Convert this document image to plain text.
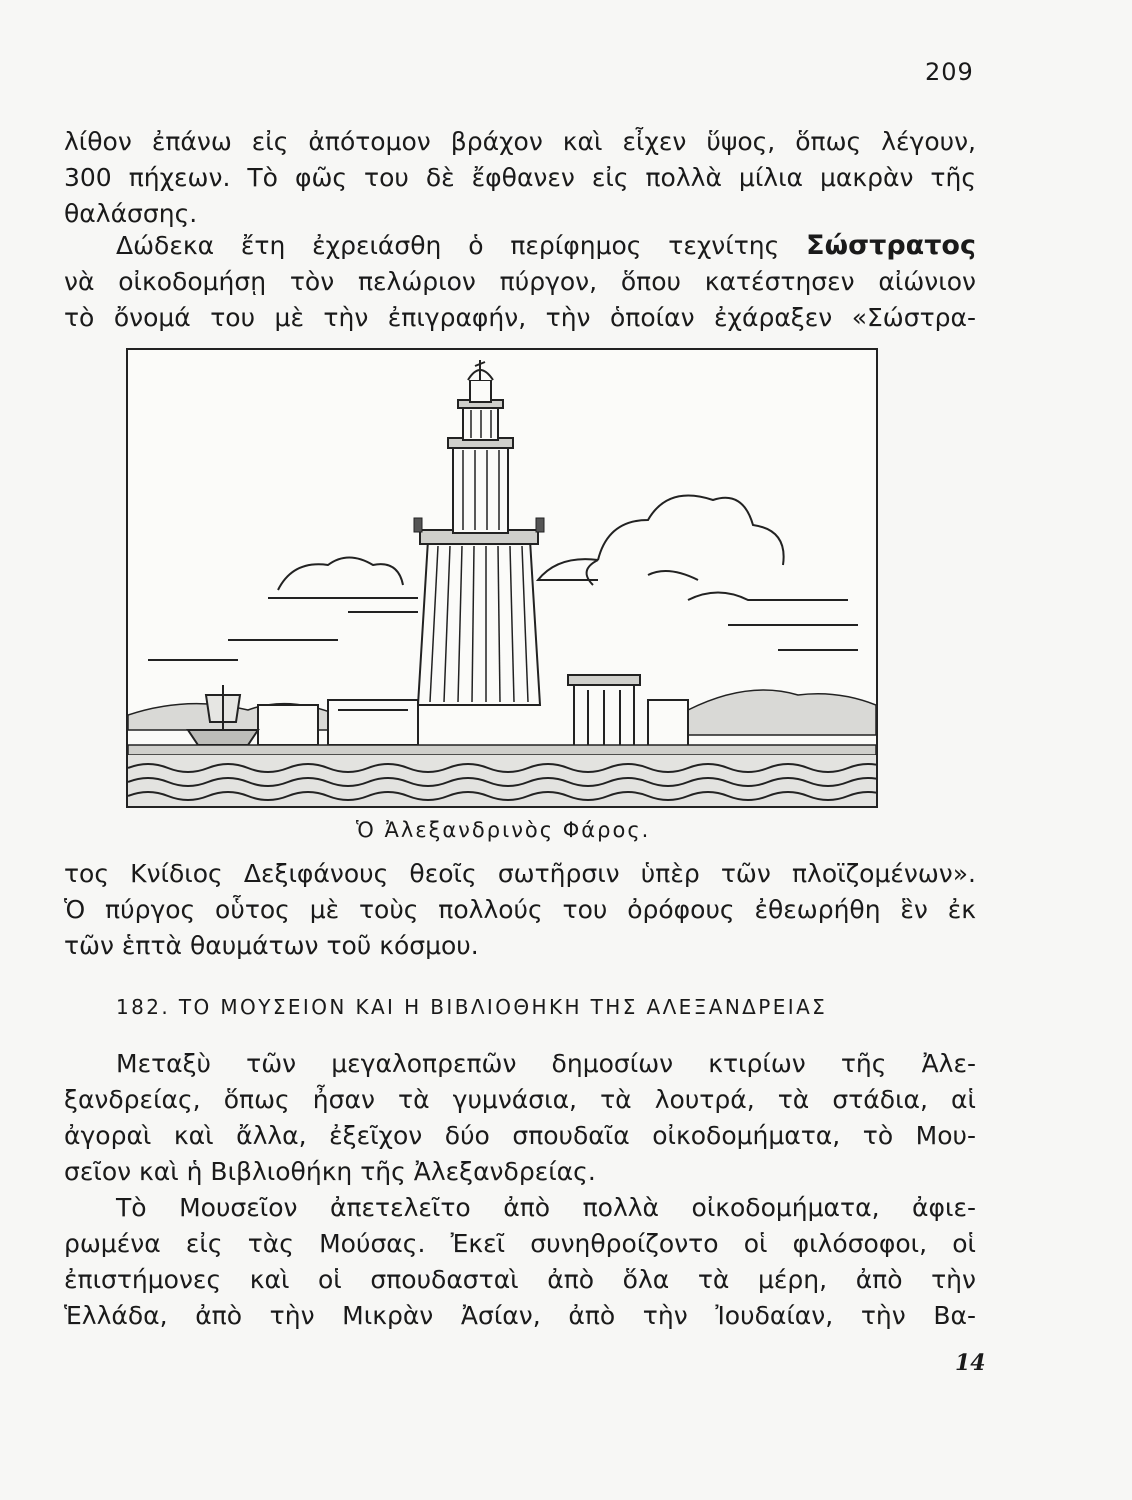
209
λίθον ἐπάνω εἰς ἀπότομον βράχον καὶ εἶχεν ὕψος, ὅπως λέγουν,
300 πήχεων. Τὸ φῶς του δὲ ἔφθανεν εἰς πολλὰ μίλια μακρὰν τῆς
θαλάσσης.
Δώδεκα ἔτη ἐχρειάσθη ὁ περίφημος τεχνίτης Σώστρατος
νὰ οἰκοδομήσῃ τὸν πελώριον πύργον, ὅπου κατέστησεν αἰώνιον
τὸ ὄνομά του μὲ τὴν ἐπιγραφήν, τὴν ὁποίαν ἐχάραξεν «Σώστρα-
Ὁ Ἀλεξανδρινὸς Φάρος.
τος Κνίδιος Δεξιφάνους θεοῖς σωτῆρσιν ὑπὲρ τῶν πλοϊζομένων».
Ὁ πύργος οὗτος μὲ τοὺς πολλούς του ὀρόφους ἐθεωρήθη ἓν ἐκ
τῶν ἑπτὰ θαυμάτων τοῦ κόσμου.
182. ΤΟ ΜΟΥΣΕΙΟΝ ΚΑΙ Η ΒΙΒΛΙΟΘΗΚΗ ΤΗΣ ΑΛΕΞΑΝΔΡΕΙΑΣ
Μεταξὺ τῶν μεγαλοπρεπῶν δημοσίων κτιρίων τῆς Ἀλε-
ξανδρείας, ὅπως ἦσαν τὰ γυμνάσια, τὰ λουτρά, τὰ στάδια, αἱ
ἀγοραὶ καὶ ἄλλα, ἐξεῖχον δύο σπουδαῖα οἰκοδομήματα, τὸ Μου-
σεῖον καὶ ἡ Βιβλιοθήκη τῆς Ἀλεξανδρείας.
Τὸ Μουσεῖον ἀπετελεῖτο ἀπὸ πολλὰ οἰκοδομήματα, ἀφιε-
ρωμένα εἰς τὰς Μούσας. Ἐκεῖ συνηθροίζοντο οἱ φιλόσοφοι, οἱ
ἐπιστήμονες καὶ οἱ σπουδασταὶ ἀπὸ ὅλα τὰ μέρη, ἀπὸ τὴν
Ἑλλάδα, ἀπὸ τὴν Μικρὰν Ἀσίαν, ἀπὸ τὴν Ἰουδαίαν, τὴν Βα-
14
